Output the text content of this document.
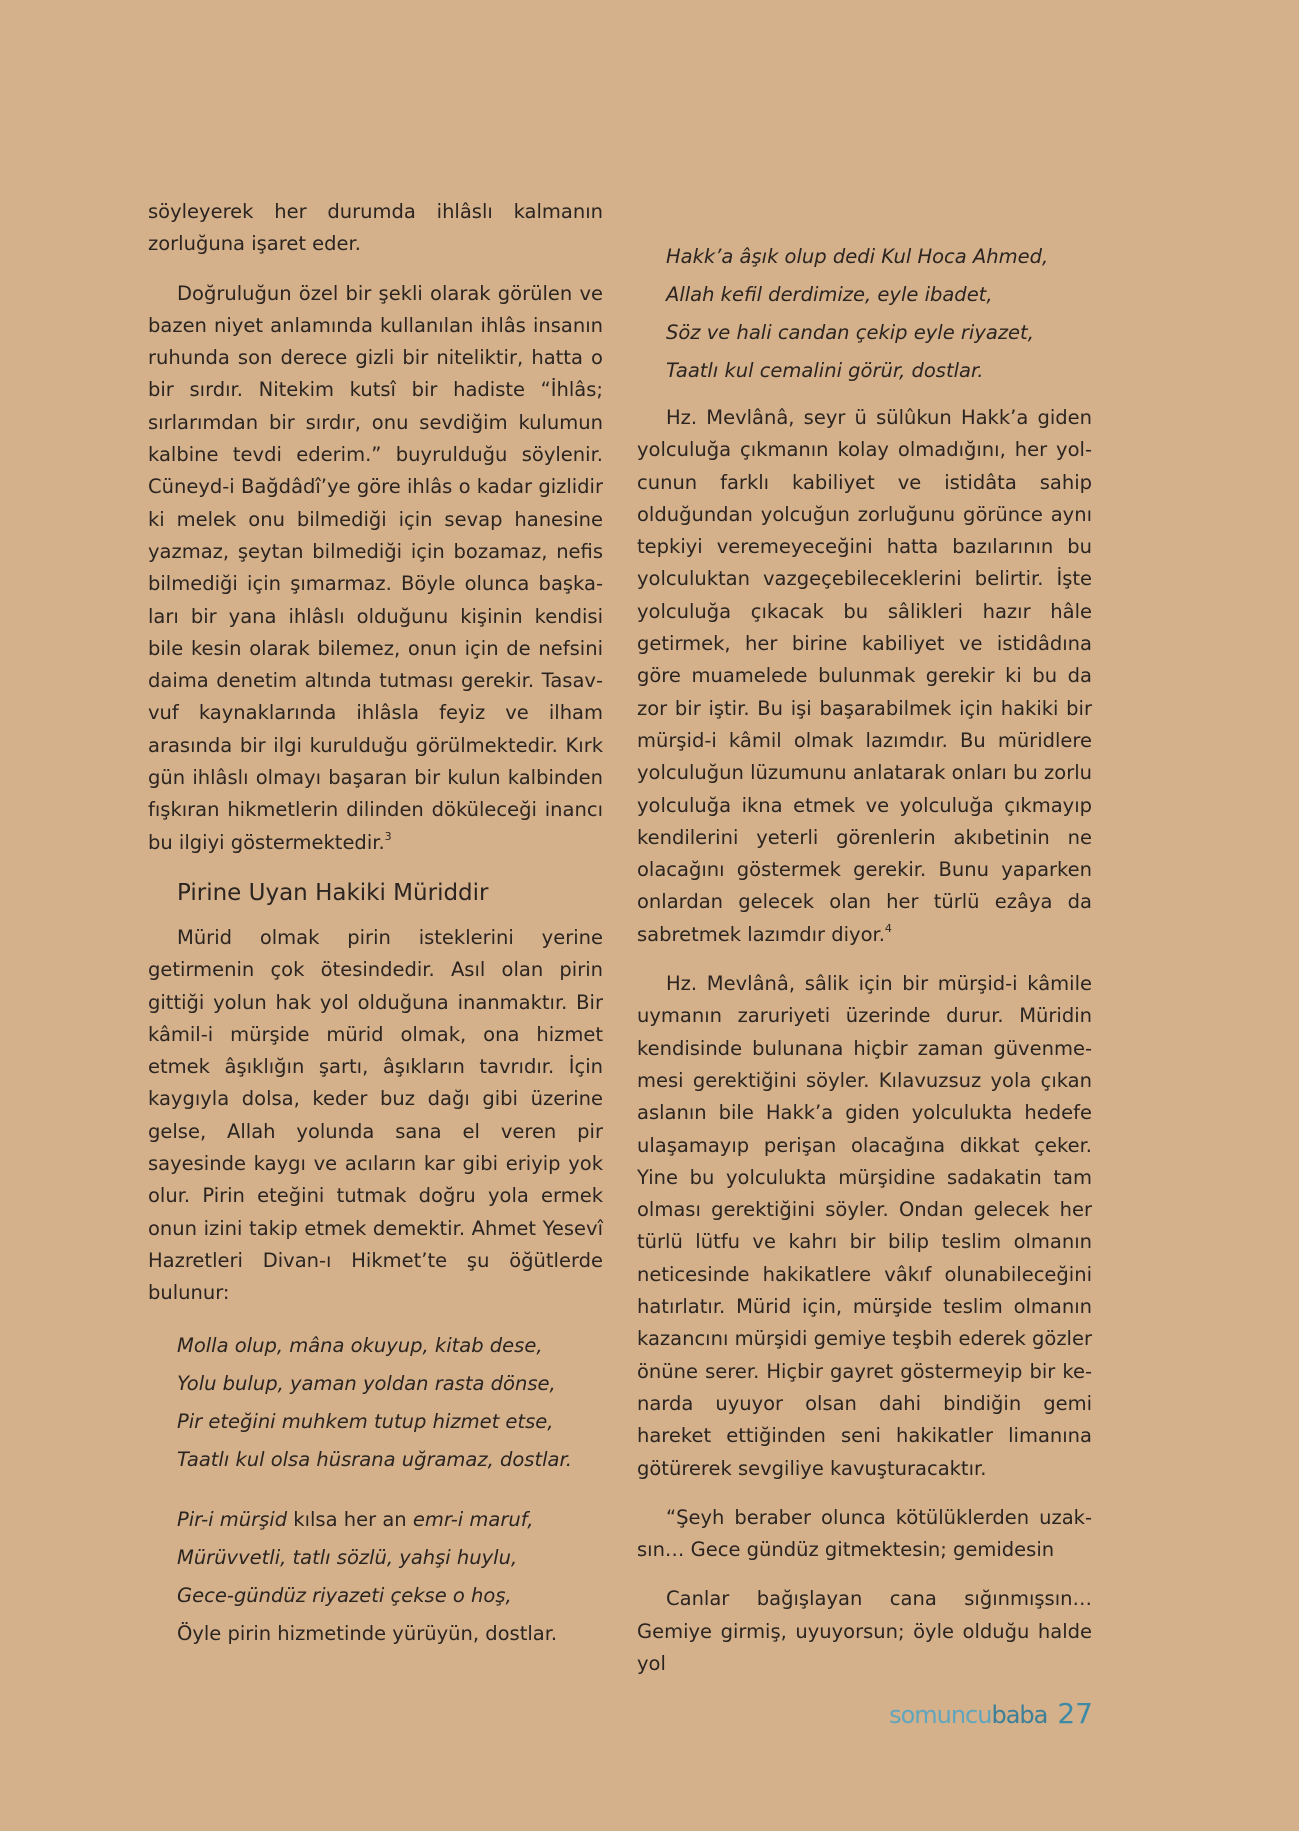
söyleyerek her durumda ihlâslı kalmanın zorluğuna işaret eder.

Doğruluğun özel bir şekli olarak görülen ve bazen niyet anlamında kullanılan ihlâs insanın ruhunda son derece gizli bir niteliktir, hatta o bir sırdır. Nitekim kutsî bir hadiste “İhlâs; sırlarımdan bir sırdır, onu sevdiğim kulumun kalbine tevdi ederim.” buyrulduğu söylenir. Cüneyd-i Bağdâdî’ye göre ihlâs o kadar gizlidir ki melek onu bilmediği için sevap hanesine yazmaz, şeytan bilmediği için bozamaz, nefis bilmediği için şımarmaz. Böyle olunca başkaları bir yana ihlâslı olduğunu kişinin kendisi bile kesin olarak bilemez, onun için de nefsini daima denetim altında tutması gerekir. Tasavvuf kaynaklarında ihlâsla feyiz ve ilham arasında bir ilgi kurulduğu görülmektedir. Kırk gün ihlâslı olmayı başaran bir kulun kalbinden fışkıran hikmetlerin dilinden döküleceği inancı bu ilgiyi göstermektedir.$^3$

Pirine Uyan Hakiki Müriddir

Mürid olmak pirin isteklerini yerine getirmenin çok ötesindedir. Asıl olan pirin gittiği yolun hak yol olduğuna inanmaktır. Bir kâmil-i mürşide mürid olmak, ona hizmet etmek âşıklığın şartı, âşıkların tavrıdır. İçin kaygıyla dolsa, keder buz dağı gibi üzerine gelse, Allah yolunda sana el veren pir sayesinde kaygı ve acıların kar gibi eriyip yok olur. Pirin eteğini tutmak doğru yola ermek onun izini takip etmek demektir. Ahmet Yesevî Hazretleri Divan-ı Hikmet’te şu öğütlerde bulunur:

Molla olup, mâna okuyup, kitab dese,
Yolu bulup, yaman yoldan rasta dönse,
Pir eteğini muhkem tutup hizmet etse,
Taatlı kul olsa hüsrana uğramaz, dostlar.
Pir-i mürşid kılsa her an emr-i maruf,
Mürüvvetli, tatlı sözlü, yahşi huylu,
Gece-gündüz riyazeti çekse o hoş,
Öyle pirin hizmetinde yürüyün, dostlar.
Hakk’a âşık olup dedi Kul Hoca Ahmed,
Allah kefil derdimize, eyle ibadet,
Söz ve hali candan çekip eyle riyazet,
Taatlı kul cemalini görür, dostlar.

Hz. Mevlânâ, seyr ü sülûkun Hakk’a giden yolculuğa çıkmanın kolay olmadığını, her yolcunun farklı kabiliyet ve istidâta sahip olduğundan yolcuğun zorluğunu görünce aynı tepkiyi veremeyeceğini hatta bazılarının bu yolculuktan vazgeçebileceklerini belirtir. İşte yolculuğa çıkacak bu sâlikleri hazır hâle getirmek, her birine kabiliyet ve istidâdına göre muamelede bulunmak gerekir ki bu da zor bir iştir. Bu işi başarabilmek için hakiki bir mürşid-i kâmil olmak lazımdır. Bu müridlere yolculuğun lüzumunu anlatarak onları bu zorlu yolculuğa ikna etmek ve yolculuğa çıkmayıp kendilerini yeterli görenlerin akıbetinin ne olacağını göstermek gerekir. Bunu yaparken onlardan gelecek olan her türlü ezâya da sabretmek lazımdır diyor.$^4$

Hz. Mevlânâ, sâlik için bir mürşid-i kâmile uymanın zaruriyeti üzerinde durur. Müridin kendisinde bulunana hiçbir zaman güvenmemesi gerektiğini söyler. Kılavuzsuz yola çıkan aslanın bile Hakk’a giden yolculukta hedefe ulaşamayıp perişan olacağına dikkat çeker. Yine bu yolculukta mürşidine sadakatin tam olması gerektiğini söyler. Ondan gelecek her türlü lütfu ve kahrı bir bilip teslim olmanın neticesinde hakikatlere vâkıf olunabileceğini hatırlatır. Mürid için, mürşide teslim olmanın kazancını mürşidi gemiye teşbih ederek gözler önüne serer. Hiçbir gayret göstermeyip bir kenarda uyuyor olsan dahi bindiğin gemi hareket ettiğinden seni hakikatler limanına götürerek sevgiliye kavuşturacaktır.

“Şeyh beraber olunca kötülüklerden uzaksın… Gece gündüz gitmektesin; gemidesin

Canlar bağışlayan cana sığınmışsın… Gemiye girmiş, uyuyorsun; öyle olduğu halde yol

somuncubaba 27
